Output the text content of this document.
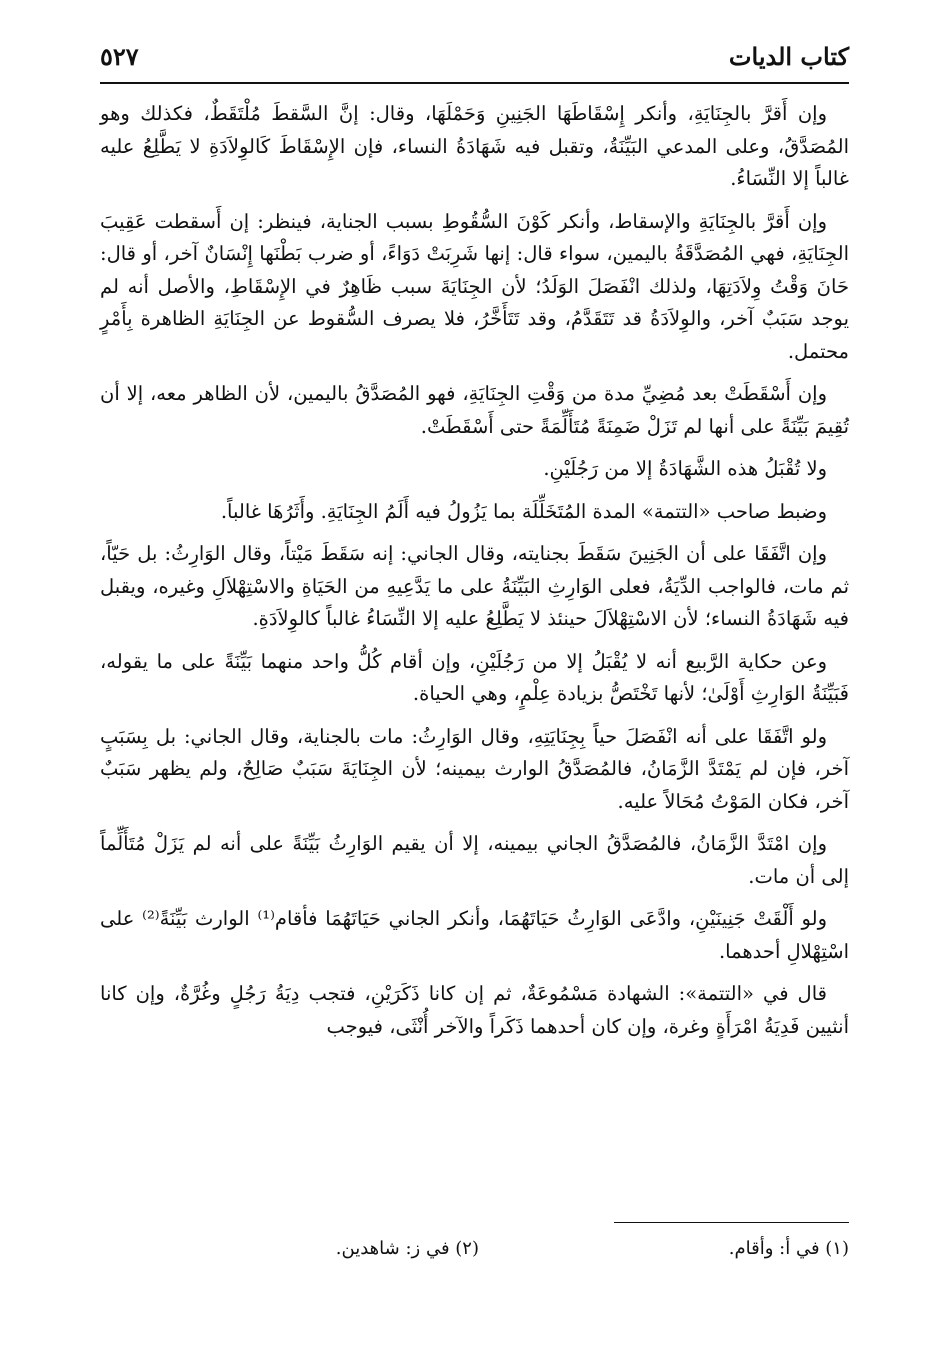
كتاب الديات
٥٢٧

وإن أَقرَّ بالجِنَايَةِ، وأنكر إِسْقَاطَهَا الجَنِينِ وَحَمْلَهَا، وقال: إنَّ السَّقطَ مُلْتَقَطٌ، فكذلك وهو المُصَدَّقُ، وعلى المدعي البَيِّنَةُ، وتقبل فيه شَهَادَةُ النساء، فإن الإِسْقَاطَ كَالوِلاَدَةِ لا يَطَّلِعُ عليه غالباً إلا النِّسَاءُ.

وإن أَقرَّ بالجِنَايَةِ والإسقاط، وأنكر كَوْنَ السُّقُوطِ بسبب الجناية، فينظر: إن أَسقطت عَقِيبَ الجِنَايَةِ، فهي المُصَدَّقَةُ باليمين، سواء قال: إنها شَرِبَتْ دَوَاءً، أو ضرب بَطْنَها إِنْسَانٌ آخر، أو قال: حَانَ وَقْتُ وِلاَدَتِهَا، ولذلك انْفَصَلَ الوَلَدُ؛ لأن الجِنَايَةَ سبب ظَاهِرٌ في الإِسْقَاطِ، والأصل أنه لم يوجد سَبَبٌ آخر، والوِلاَدَةُ قد تَتَقَدَّمُ، وقد تَتَأَخَّرُ، فلا يصرف السُّقوط عن الجِنَايَةِ الظاهرة بِأَمْرٍ محتمل.

وإن أَسْقَطَتْ بعد مُضِيِّ مدة من وَقْتِ الجِنَايَةِ، فهو المُصَدَّقُ باليمين، لأن الظاهر معه، إلا أن تُقِيمَ بَيِّنَةً على أنها لم تَزَلْ ضَمِنَةً مُتَأَلِّمَةً حتى أَسْقَطَتْ.

ولا تُقْبَلُ هذه الشَّهَادَةُ إلا من رَجُلَيْنِ.

وضبط صاحب «التتمة» المدة المُتَخَلِّلَة بما يَزُولُ فيه أَلَمُ الجِنَايَةِ. وأَثَرُهَا غالباً.

وإن اتَّفَقَا على أن الجَنِينَ سَقَطَ بجنايته، وقال الجاني: إنه سَقَطَ مَيْتاً، وقال الوَارِثُ: بل حَيّاً، ثم مات، فالواجب الدِّيَةُ، فعلى الوَارِثِ البَيِّنَةُ على ما يَدَّعِيهِ من الحَيَاةِ والاسْتِهْلاَلِ وغيره، ويقبل فيه شَهَادَةُ النساء؛ لأن الاسْتِهْلاَلَ حينئذ لا يَطَّلِعُ عليه إلا النِّسَاءُ غالباً كالوِلاَدَةِ.

وعن حكاية الرَّبيع أنه لا يُقْبَلُ إلا من رَجُلَيْنِ، وإن أقام كُلُّ واحد منهما بَيِّنَةً على ما يقوله، فَبَيِّنَةُ الوَارِثِ أَوْلَىٰ؛ لأنها تَخْتَصُّ بزيادة عِلْمٍ، وهي الحياة.

ولو اتَّفَقَا على أنه انْفَصَلَ حياً بِجِنَايَتِهِ، وقال الوَارِثُ: مات بالجناية، وقال الجاني: بل بِسَبَبٍ آخر، فإن لم يَمْتَدَّ الزَّمَانُ، فالمُصَدَّقُ الوارث بيمينه؛ لأن الجِنَايَةَ سَبَبٌ صَالِحٌ، ولم يظهر سَبَبٌ آخر، فكان المَوْتُ مُحَالاً عليه.

وإن امْتَدَّ الزَّمَانُ، فالمُصَدَّقُ الجاني بيمينه، إلا أن يقيم الوَارِثُ بَيِّنَةً على أنه لم يَزَلْ مُتَأَلِّماً إلى أن مات.

ولو أَلْقَتْ جَنِينَيْنِ، وادَّعَى الوَارِثُ حَيَاتَهُمَا، وأنكر الجاني حَيَاتَهُمَا فأقام⁽¹⁾ الوارث بَيِّنَةً⁽²⁾ على اسْتِهْلالِ أحدهما.

قال في «التتمة»: الشهادة مَسْمُوعَةٌ، ثم إن كانا ذَكَرَيْنِ، فتجب دِيَةُ رَجُلٍ وغُرَّةٌ، وإن كانا أنثيين فَدِيَةُ امْرَأَةٍ وغرة، وإن كان أحدهما ذَكَراً والآخر أُنْثَى، فيوجب

(١) في أ: وأقام.
(٢) في ز: شاهدين.
